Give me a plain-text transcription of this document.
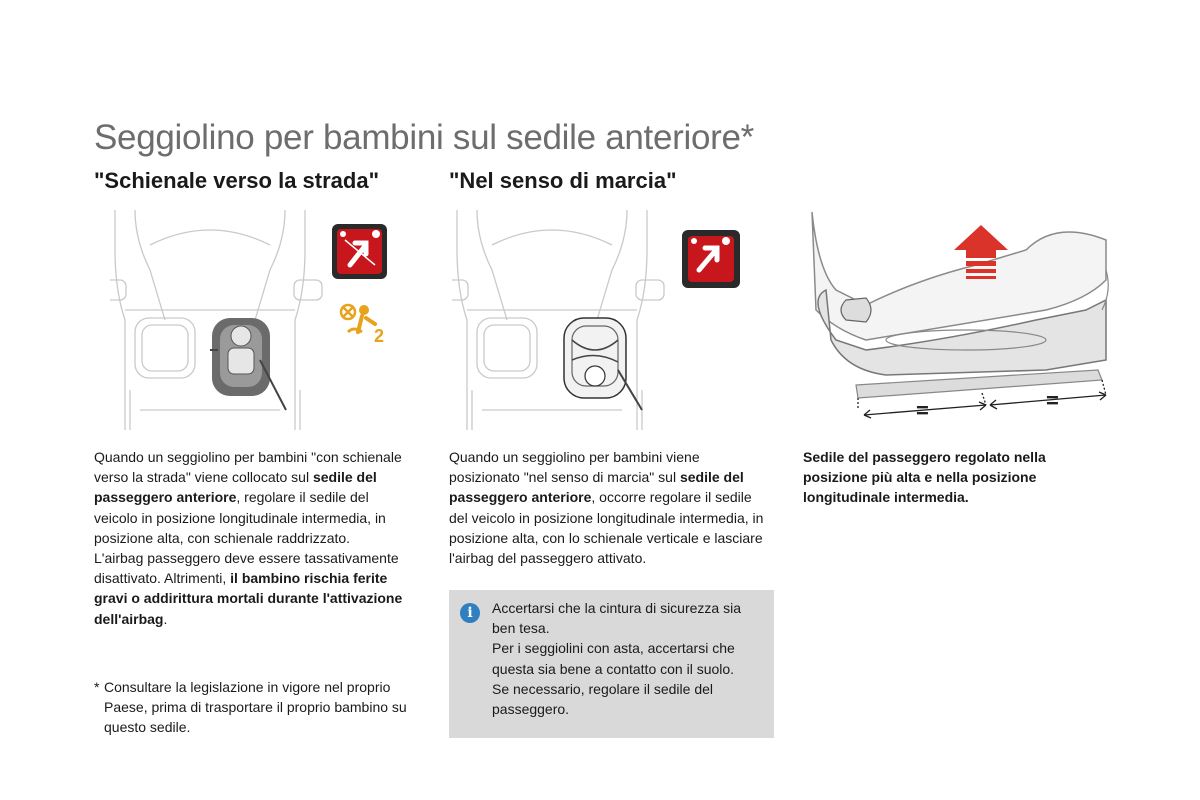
Seggiolino per bambini sul sedile anteriore*
"Schienale verso la strada"	"Nel senso di marcia"
2
=	=
Quando un seggiolino per bambini "con schienale verso la strada" viene collocato sul sedile del passeggero anteriore, regolare il sedile del veicolo in posizione longitudinale intermedia, in posizione alta, con schienale raddrizzato.
L'airbag passeggero deve essere tassativamente disattivato. Altrimenti, il bambino rischia ferite gravi o addirittura mortali durante l'attivazione dell'airbag.
* Consultare la legislazione in vigore nel proprio Paese, prima di trasportare il proprio bambino su questo sedile.
Quando un seggiolino per bambini viene posizionato "nel senso di marcia" sul sedile del passeggero anteriore, occorre regolare il sedile del veicolo in posizione longitudinale intermedia, in posizione alta, con lo schienale verticale e lasciare l'airbag del passeggero attivato.
i	Accertarsi che la cintura di sicurezza sia ben tesa.
Per i seggiolini con asta, accertarsi che questa sia bene a contatto con il suolo.
Se necessario, regolare il sedile del passeggero.
Sedile del passeggero regolato nella posizione più alta e nella posizione longitudinale intermedia.
